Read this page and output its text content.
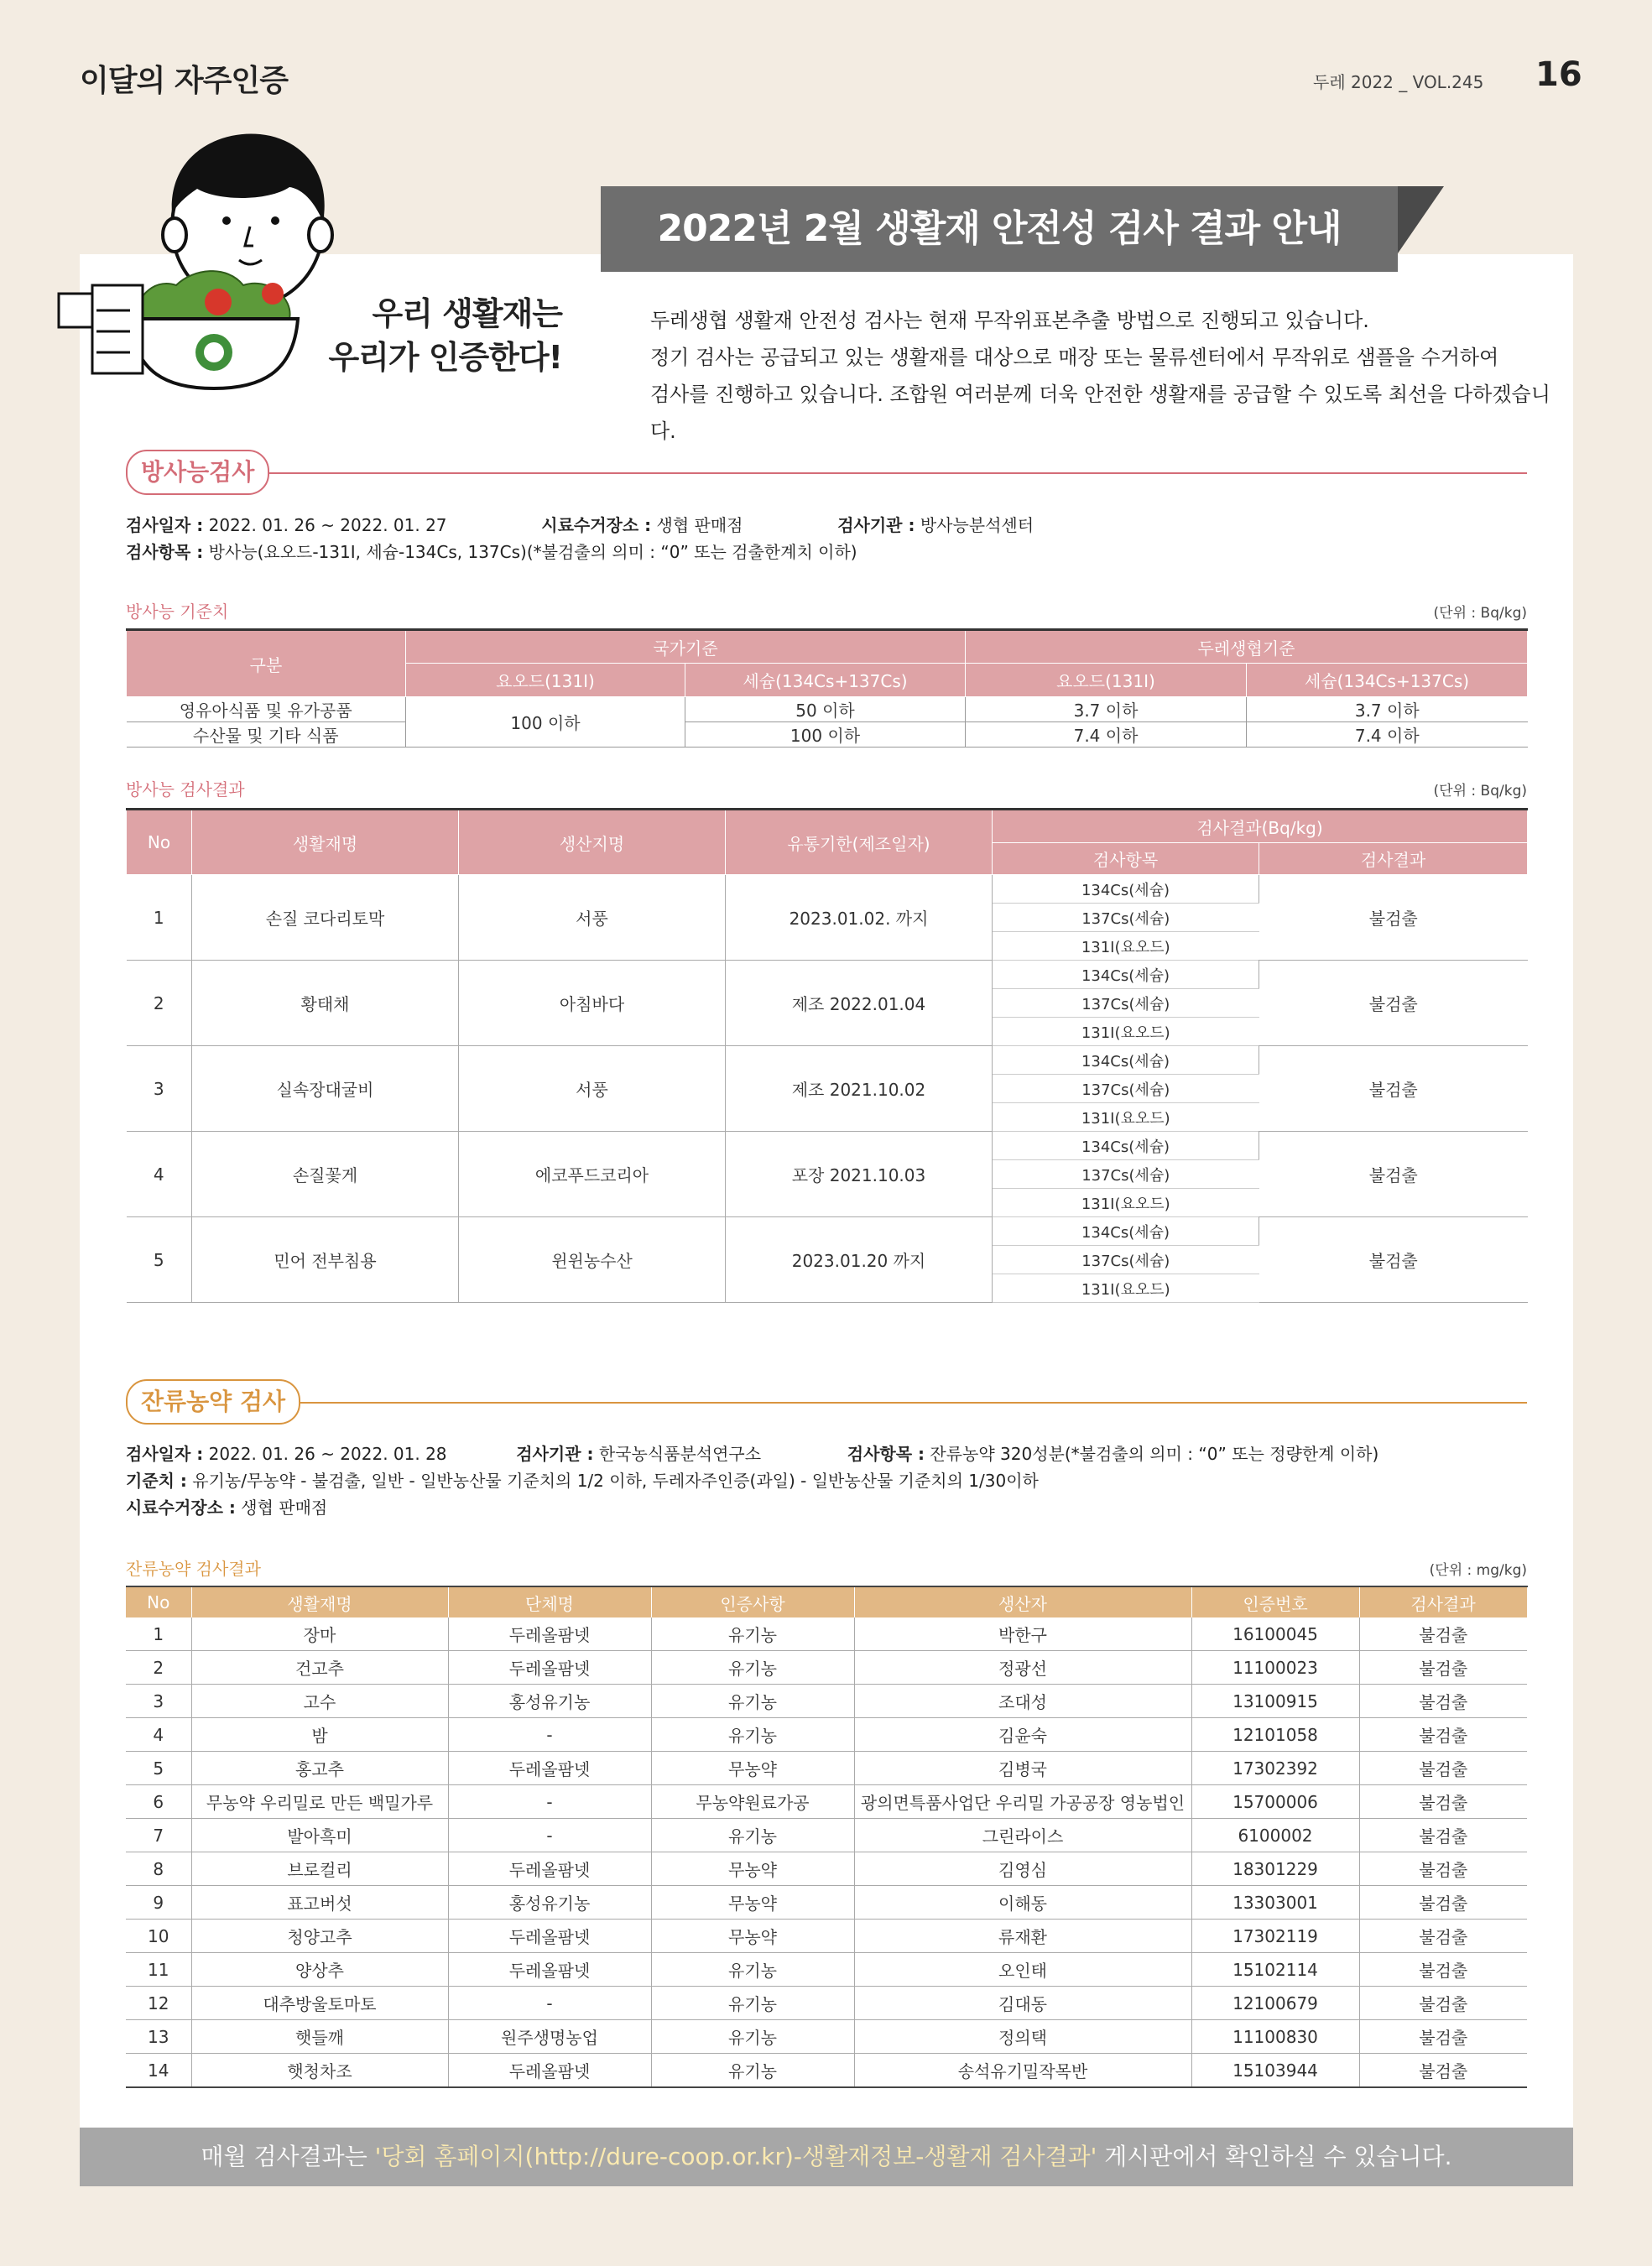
이달의 자주인증	두레 2022 _ VOL.245 16
우리 생활재는
우리가 인증한다!
2022년 2월 생활재 안전성 검사 결과 안내
두레생협 생활재 안전성 검사는 현재 무작위표본추출 방법으로 진행되고 있습니다.
정기 검사는 공급되고 있는 생활재를 대상으로 매장 또는 물류센터에서 무작위로 샘플을 수거하여
검사를 진행하고 있습니다. 조합원 여러분께 더욱 안전한 생활재를 공급할 수 있도록 최선을 다하겠습니다.
방사능검사
검사일자 : 2022. 01. 26 ~ 2022. 01. 27	시료수거장소 : 생협 판매점	검사기관 : 방사능분석센터
검사항목 : 방사능(요오드-131I, 세슘-134Cs, 137Cs)(*불검출의 의미 : “0” 또는 검출한계치 이하)
방사능 기준치	(단위 : Bq/kg)
구분	국가기준		두레생협기준	
	요오드(131I)	세슘(134Cs+137Cs)	요오드(131I)	세슘(134Cs+137Cs)
영유아식품 및 유가공품	100 이하	50 이하	3.7 이하	3.7 이하
수산물 및 기타 식품		100 이하	7.4 이하	7.4 이하
방사능 검사결과	(단위 : Bq/kg)
No	생활재명	생산지명	유통기한(제조일자)	검사결과(Bq/kg)	
				검사항목	검사결과
1	손질 코다리토막	서풍	2023.01.02. 까지	134Cs(세슘)	불검출
				137Cs(세슘)	
				131I(요오드)	
2	황태채	아침바다	제조 2022.01.04	134Cs(세슘)	불검출
				137Cs(세슘)	
				131I(요오드)	
3	실속장대굴비	서풍	제조 2021.10.02	134Cs(세슘)	불검출
				137Cs(세슘)	
				131I(요오드)	
4	손질꽃게	에코푸드코리아	포장 2021.10.03	134Cs(세슘)	불검출
				137Cs(세슘)	
				131I(요오드)	
5	민어 전부침용	윈윈농수산	2023.01.20 까지	134Cs(세슘)	불검출
				137Cs(세슘)	
				131I(요오드)	
잔류농약 검사
검사일자 : 2022. 01. 26 ~ 2022. 01. 28	검사기관 : 한국농식품분석연구소	검사항목 : 잔류농약 320성분(*불검출의 의미 : “0” 또는 정량한계 이하)
기준치 : 유기농/무농약 - 불검출, 일반 - 일반농산물 기준치의 1/2 이하, 두레자주인증(과일) - 일반농산물 기준치의 1/30이하
시료수거장소 : 생협 판매점
잔류농약 검사결과	(단위 : mg/kg)
No	생활재명	단체명	인증사항	생산자	인증번호	검사결과
1	장마	두레올팜넷	유기농	박한구	16100045	불검출
2	건고추	두레올팜넷	유기농	정광선	11100023	불검출
3	고수	홍성유기농	유기농	조대성	13100915	불검출
4	밤	-	유기농	김윤숙	12101058	불검출
5	홍고추	두레올팜넷	무농약	김병국	17302392	불검출
6	무농약 우리밀로 만든 백밀가루	-	무농약원료가공	광의면특품사업단 우리밀 가공공장 영농법인	15700006	불검출
7	발아흑미	-	유기농	그린라이스	6100002	불검출
8	브로컬리	두레올팜넷	무농약	김영심	18301229	불검출
9	표고버섯	홍성유기농	무농약	이해동	13303001	불검출
10	청양고추	두레올팜넷	무농약	류재환	17302119	불검출
11	양상추	두레올팜넷	유기농	오인태	15102114	불검출
12	대추방울토마토	-	유기농	김대동	12100679	불검출
13	햇들깨	원주생명농업	유기농	정의택	11100830	불검출
14	햇청차조	두레올팜넷	유기농	송석유기밀작목반	15103944	불검출
매월 검사결과는 '당회 홈페이지(http://dure-coop.or.kr)-생활재정보-생활재 검사결과' 게시판에서 확인하실 수 있습니다.
